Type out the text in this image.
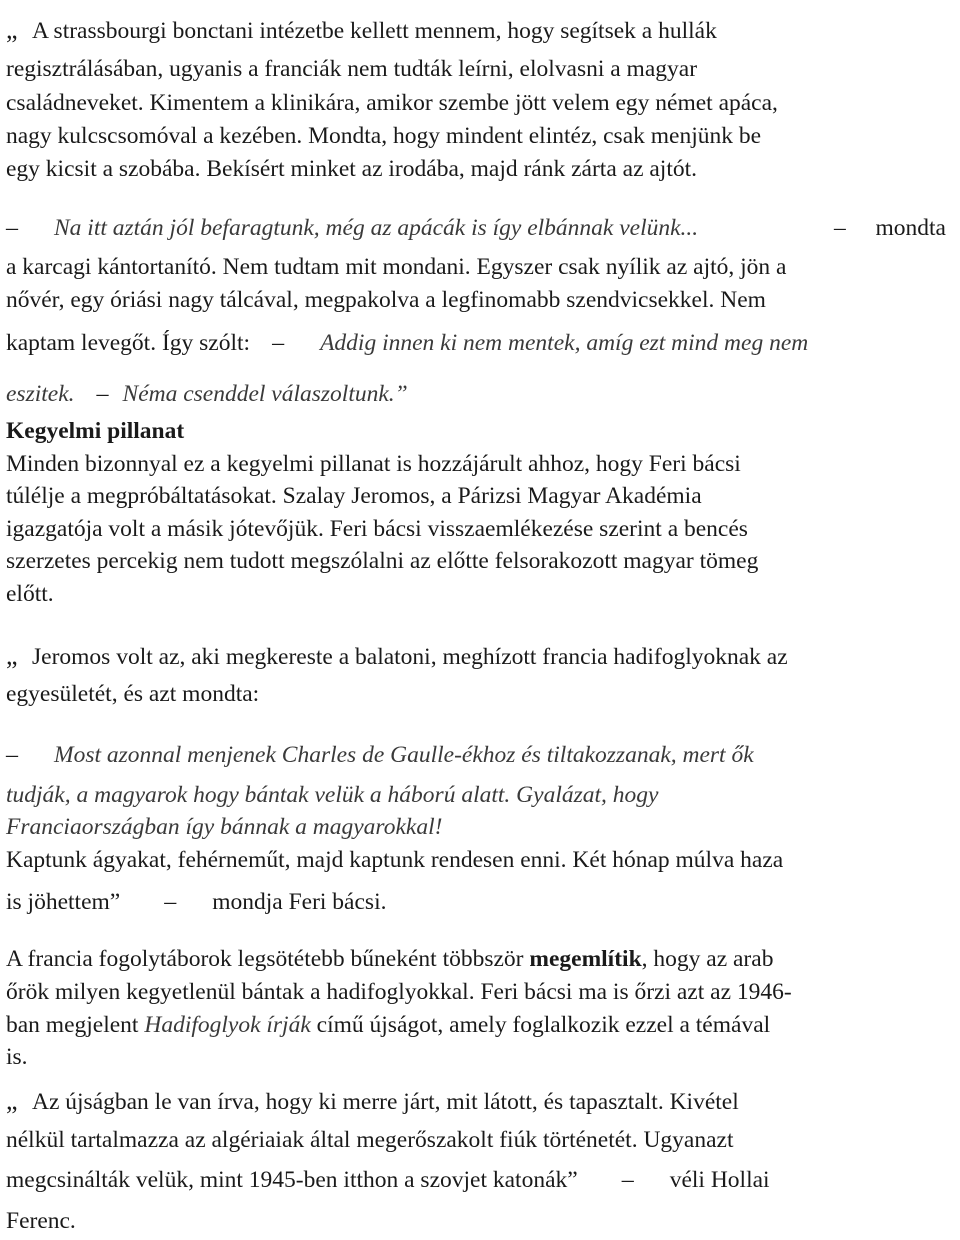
„ A strassbourgi bonctani intézetbe kellett mennem, hogy segítsek a hullák
regisztrálásában, ugyanis a franciák nem tudták leírni, elolvasni a magyar
családneveket. Kimentem a klinikára, amikor szembe jött velem egy német apáca,
nagy kulcscsomóval a kezében. Mondta, hogy mindent elintéz, csak menjünk be
egy kicsit a szobába. Bekísért minket az irodába, majd ránk zárta az ajtót.
– Na itt aztán jól befaragtunk, még az apácák is így elbánnak velünk...	– mondta
a karcagi kántortanító. Nem tudtam mit mondani. Egyszer csak nyílik az ajtó, jön a
nővér, egy óriási nagy tálcával, megpakolva a legfinomabb szendvicsekkel. Nem
kaptam levegőt. Így szólt: – Addig innen ki nem mentek, amíg ezt mind meg nem
eszitek. – Néma csenddel válaszoltunk.”
Kegyelmi pillanat
Minden bizonnyal ez a kegyelmi pillanat is hozzájárult ahhoz, hogy Feri bácsi
túlélje a megpróbáltatásokat. Szalay Jeromos, a Párizsi Magyar Akadémia
igazgatója volt a másik jótevőjük. Feri bácsi visszaemlékezése szerint a bencés
szerzetes percekig nem tudott megszólalni az előtte felsorakozott magyar tömeg
előtt.
„ Jeromos volt az, aki megkereste a balatoni, meghízott francia hadifoglyoknak az
egyesületét, és azt mondta:
– Most azonnal menjenek Charles de Gaulle-ékhoz és tiltakozzanak, mert ők
tudják, a magyarok hogy bántak velük a háború alatt. Gyalázat, hogy
Franciaországban így bánnak a magyarokkal!
Kaptunk ágyakat, fehérneműt, majd kaptunk rendesen enni. Két hónap múlva haza
is jöhettem” – mondja Feri bácsi.
A francia fogolytáborok legsötétebb bűneként többször megemlítik, hogy az arab
őrök milyen kegyetlenül bántak a hadifoglyokkal. Feri bácsi ma is őrzi azt az 1946-
ban megjelent Hadifoglyok írják című újságot, amely foglalkozik ezzel a témával
is.
„ Az újságban le van írva, hogy ki merre járt, mit látott, és tapasztalt. Kivétel
nélkül tartalmazza az algériaiak által megerőszakolt fiúk történetét. Ugyanazt
megcsinálták velük, mint 1945-ben itthon a szovjet katonák” – véli Hollai
Ferenc.
